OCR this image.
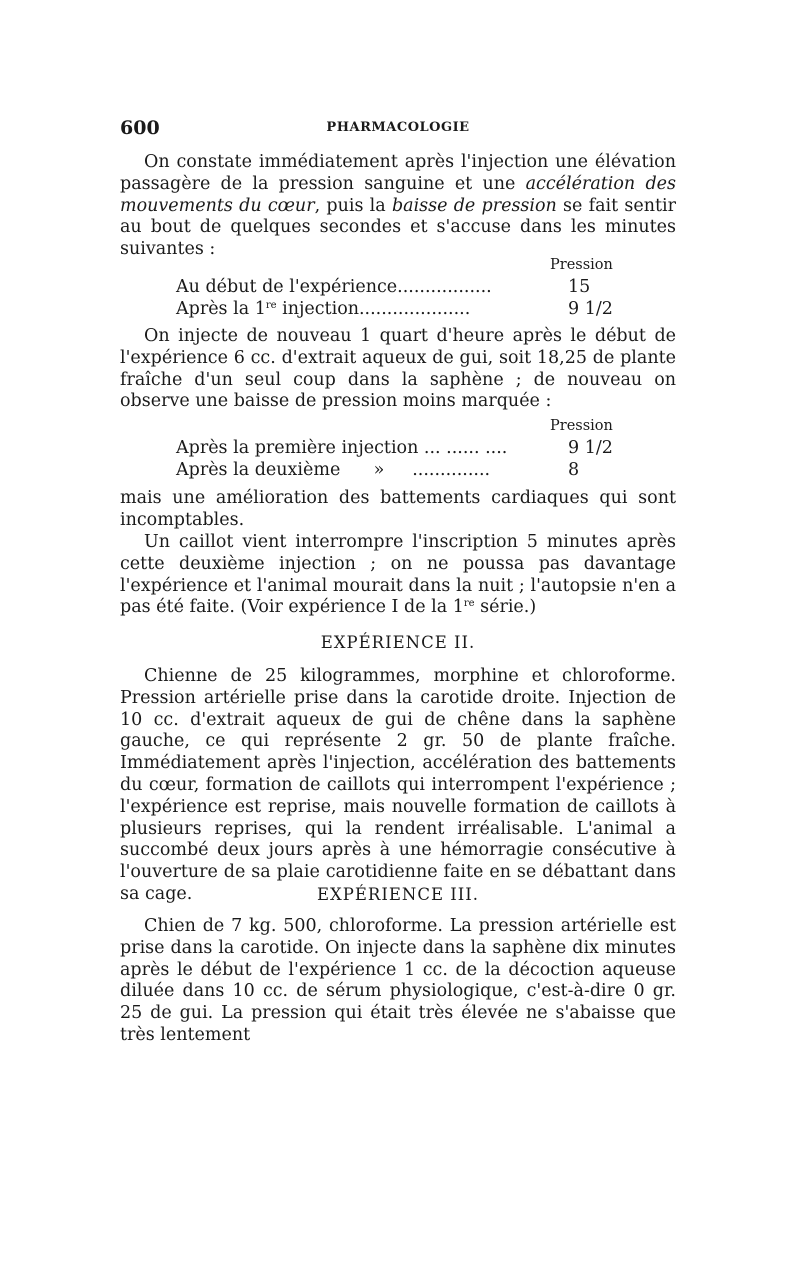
600	PHARMACOLOGIE

On constate immédiatement après l'injection une élévation passagère de la pression sanguine et une accélération des mouvements du cœur, puis la baisse de pression se fait sentir au bout de quelques secondes et s'accuse dans les minutes suivantes :

Pression
Au début de l'expérience.................	15
Après la 1re injection....................	9 1/2

On injecte de nouveau 1 quart d'heure après le début de l'expérience 6 cc. d'extrait aqueux de gui, soit 18,25 de plante fraîche d'un seul coup dans la saphène ; de nouveau on observe une baisse de pression moins marquée :

Pression
Après la première injection ... ...... ....	9 1/2
Après la deuxième      »     ..............	8

mais une amélioration des battements cardiaques qui sont incomptables.

Un caillot vient interrompre l'inscription 5 minutes après cette deuxième injection ; on ne poussa pas davantage l'expérience et l'animal mourait dans la nuit ; l'autopsie n'en a pas été faite. (Voir expérience I de la 1re série.)

EXPÉRIENCE II.

Chienne de 25 kilogrammes, morphine et chloroforme. Pression artérielle prise dans la carotide droite. Injection de 10 cc. d'extrait aqueux de gui de chêne dans la saphène gauche, ce qui représente 2 gr. 50 de plante fraîche. Immédiatement après l'injection, accélération des battements du cœur, formation de caillots qui interrompent l'expérience ; l'expérience est reprise, mais nouvelle formation de caillots à plusieurs reprises, qui la rendent irréalisable. L'animal a succombé deux jours après à une hémorragie consécutive à l'ouverture de sa plaie carotidienne faite en se débattant dans sa cage.	EXPÉRIENCE III.

Chien de 7 kg. 500, chloroforme. La pression artérielle est prise dans la carotide. On injecte dans la saphène dix minutes après le début de l'expérience 1 cc. de la décoction aqueuse diluée dans 10 cc. de sérum physiologique, c'est-à-dire 0 gr. 25 de gui. La pression qui était très élevée ne s'abaisse que très lentement
